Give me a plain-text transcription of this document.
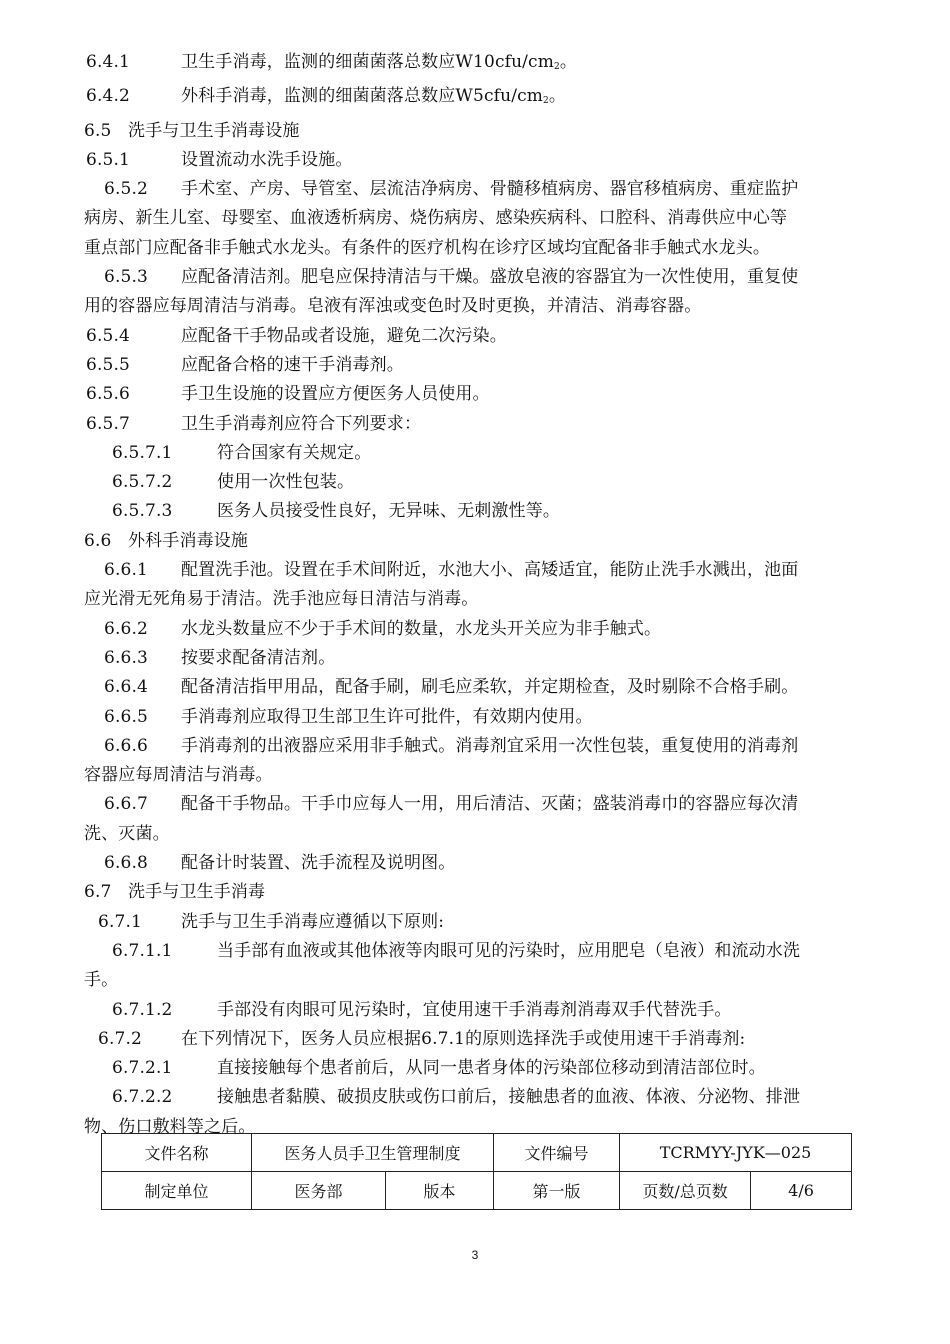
6.4.1	卫生手消毒，监测的细菌菌落总数应$W10cfu/cm_2$。
6.4.2	外科手消毒，监测的细菌菌落总数应$W5cfu/cm_2$。
6.5 洗手与卫生手消毒设施
6.5.1	设置流动水洗手设施。
6.5.2 手术室、产房、导管室、层流洁净病房、骨髓移植病房、器官移植病房、重症监护
病房、新生儿室、母婴室、血液透析病房、烧伤病房、感染疾病科、口腔科、消毒供应中心等
重点部门应配备非手触式水龙头。有条件的医疗机构在诊疗区域均宜配备非手触式水龙头。
6.5.3 应配备清洁剂。肥皂应保持清洁与干燥。盛放皂液的容器宜为一次性使用，重复使
用的容器应每周清洁与消毒。皂液有浑浊或变色时及时更换，并清洁、消毒容器。
6.5.4	应配备干手物品或者设施，避免二次污染。
6.5.5	应配备合格的速干手消毒剂。
6.5.6	手卫生设施的设置应方便医务人员使用。
6.5.7	卫生手消毒剂应符合下列要求：
6.5.7.1	符合国家有关规定。
6.5.7.2	使用一次性包装。
6.5.7.3	医务人员接受性良好，无异味、无刺激性等。
6.6 外科手消毒设施
6.6.1 配置洗手池。设置在手术间附近，水池大小、高矮适宜，能防止洗手水溅出，池面
应光滑无死角易于清洁。洗手池应每日清洁与消毒。
6.6.2 水龙头数量应不少于手术间的数量，水龙头开关应为非手触式。
6.6.3 按要求配备清洁剂。
6.6.4 配备清洁指甲用品，配备手刷，刷毛应柔软，并定期检查，及时剔除不合格手刷。
6.6.5 手消毒剂应取得卫生部卫生许可批件，有效期内使用。
6.6.6 手消毒剂的出液器应采用非手触式。消毒剂宜采用一次性包装，重复使用的消毒剂
容器应每周清洁与消毒。
6.6.7 配备干手物品。干手巾应每人一用，用后清洁、灭菌；盛装消毒巾的容器应每次清
洗、灭菌。
6.6.8 配备计时装置、洗手流程及说明图。
6.7 洗手与卫生手消毒
6.7.1 洗手与卫生手消毒应遵循以下原则:
6.7.1.1	当手部有血液或其他体液等肉眼可见的污染时，应用肥皂（皂液）和流动水洗
手。
6.7.1.2	手部没有肉眼可见污染时，宜使用速干手消毒剂消毒双手代替洗手。
6.7.2 在下列情况下，医务人员应根据6.7.1的原则选择洗手或使用速干手消毒剂:
6.7.2.1	直接接触每个患者前后，从同一患者身体的污染部位移动到清洁部位时。
6.7.2.2	接触患者黏膜、破损皮肤或伤口前后，接触患者的血液、体液、分泌物、排泄
物、伤口敷料等之后。
文件名称	医务人员手卫生管理制度		文件编号	TCRMYY-JYK—025	
制定单位	医务部	版本	第一版	页数/总页数	4/6
3
